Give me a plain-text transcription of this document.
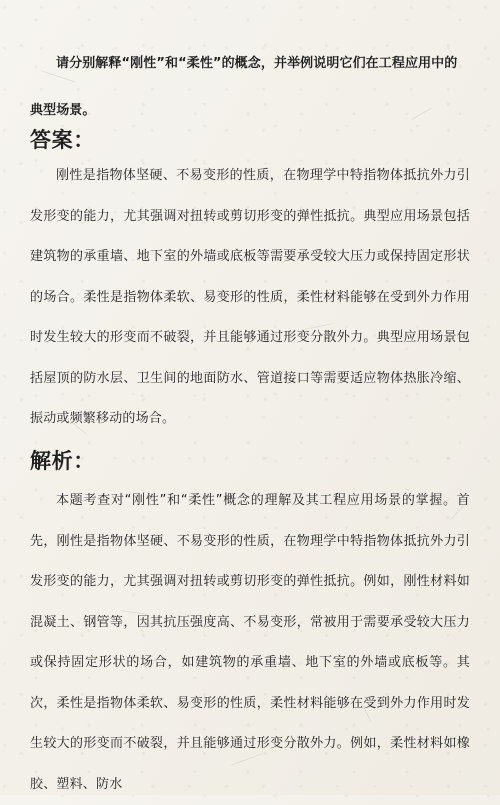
请分别解释“刚性”和“柔性”的概念，并举例说明它们在工程应用中的典型场景。
答案：
刚性是指物体坚硬、不易变形的性质，在物理学中特指物体抵抗外力引发形变的能力，尤其强调对扭转或剪切形变的弹性抵抗。典型应用场景包括建筑物的承重墙、地下室的外墙或底板等需要承受较大压力或保持固定形状的场合。柔性是指物体柔软、易变形的性质，柔性材料能够在受到外力作用时发生较大的形变而不破裂，并且能够通过形变分散外力。典型应用场景包括屋顶的防水层、卫生间的地面防水、管道接口等需要适应物体热胀冷缩、振动或频繁移动的场合。
解析：
本题考查对“刚性”和“柔性”概念的理解及其工程应用场景的掌握。首先，刚性是指物体坚硬、不易变形的性质，在物理学中特指物体抵抗外力引发形变的能力，尤其强调对扭转或剪切形变的弹性抵抗。例如，刚性材料如混凝土、钢管等，因其抗压强度高、不易变形，常被用于需要承受较大压力或保持固定形状的场合，如建筑物的承重墙、地下室的外墙或底板等。其次，柔性是指物体柔软、易变形的性质，柔性材料能够在受到外力作用时发生较大的形变而不破裂，并且能够通过形变分散外力。例如，柔性材料如橡胶、塑料、防水
